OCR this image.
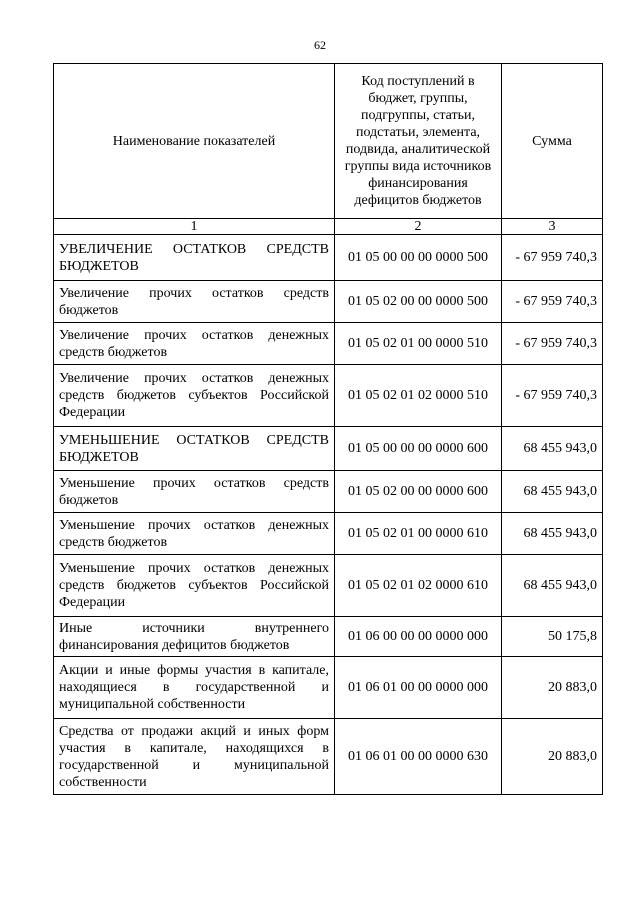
62
Наименование показателей	Код поступлений в бюджет, группы, подгруппы, статьи, подстатьи, элемента, подвида, аналитической группы вида источников финансирования дефицитов бюджетов	Сумма
1	2	3
УВЕЛИЧЕНИЕ ОСТАТКОВ СРЕДСТВ БЮДЖЕТОВ	01 05 00 00 00 0000 500	- 67 959 740,3
Увеличение прочих остатков средств бюджетов	01 05 02 00 00 0000 500	- 67 959 740,3
Увеличение прочих остатков денежных средств бюджетов	01 05 02 01 00 0000 510	- 67 959 740,3
Увеличение прочих остатков денежных средств бюджетов субъектов Российской Федерации	01 05 02 01 02 0000 510	- 67 959 740,3
УМЕНЬШЕНИЕ ОСТАТКОВ СРЕДСТВ БЮДЖЕТОВ	01 05 00 00 00 0000 600	68 455 943,0
Уменьшение прочих остатков средств бюджетов	01 05 02 00 00 0000 600	68 455 943,0
Уменьшение прочих остатков денежных средств бюджетов	01 05 02 01 00 0000 610	68 455 943,0
Уменьшение прочих остатков денежных средств бюджетов субъектов Российской Федерации	01 05 02 01 02 0000 610	68 455 943,0
Иные источники внутреннего финансирования дефицитов бюджетов	01 06 00 00 00 0000 000	50 175,8
Акции и иные формы участия в капитале, находящиеся в государственной и муниципальной собственности	01 06 01 00 00 0000 000	20 883,0
Средства от продажи акций и иных форм участия в капитале, находящихся в государственной и муниципальной собственности	01 06 01 00 00 0000 630	20 883,0
